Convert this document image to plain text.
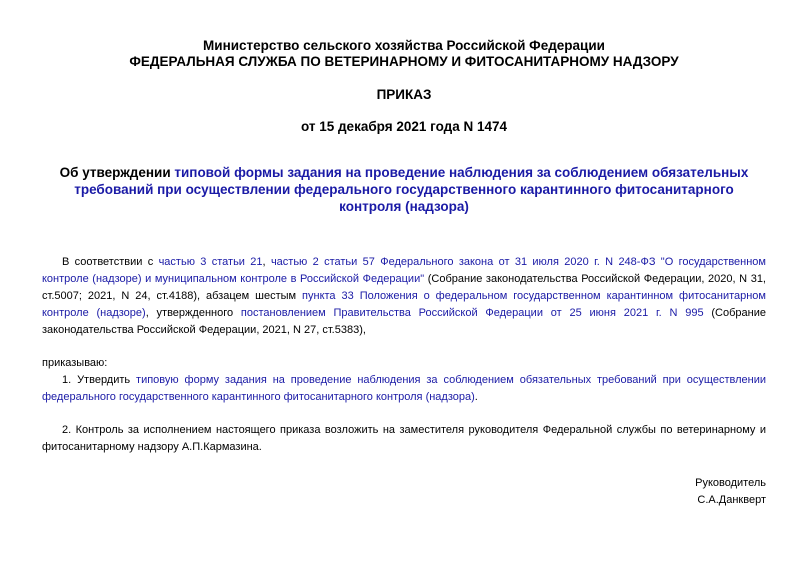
Министерство сельского хозяйства Российской Федерации
ФЕДЕРАЛЬНАЯ СЛУЖБА ПО ВЕТЕРИНАРНОМУ И ФИТОСАНИТАРНОМУ НАДЗОРУ
ПРИКАЗ
от 15 декабря 2021 года N 1474
Об утверждении типовой формы задания на проведение наблюдения за соблюдением обязательных требований при осуществлении федерального государственного карантинного фитосанитарного контроля (надзора)
В соответствии с частью 3 статьи 21, частью 2 статьи 57 Федерального закона от 31 июля 2020 г. N 248-ФЗ "О государственном контроле (надзоре) и муниципальном контроле в Российской Федерации" (Собрание законодательства Российской Федерации, 2020, N 31, ст.5007; 2021, N 24, ст.4188), абзацем шестым пункта 33 Положения о федеральном государственном карантинном фитосанитарном контроле (надзоре), утвержденного постановлением Правительства Российской Федерации от 25 июня 2021 г. N 995 (Собрание законодательства Российской Федерации, 2021, N 27, ст.5383),
приказываю:
1. Утвердить типовую форму задания на проведение наблюдения за соблюдением обязательных требований при осуществлении федерального государственного карантинного фитосанитарного контроля (надзора).
2. Контроль за исполнением настоящего приказа возложить на заместителя руководителя Федеральной службы по ветеринарному и фитосанитарному надзору А.П.Кармазина.
Руководитель
С.А.Данкверт
